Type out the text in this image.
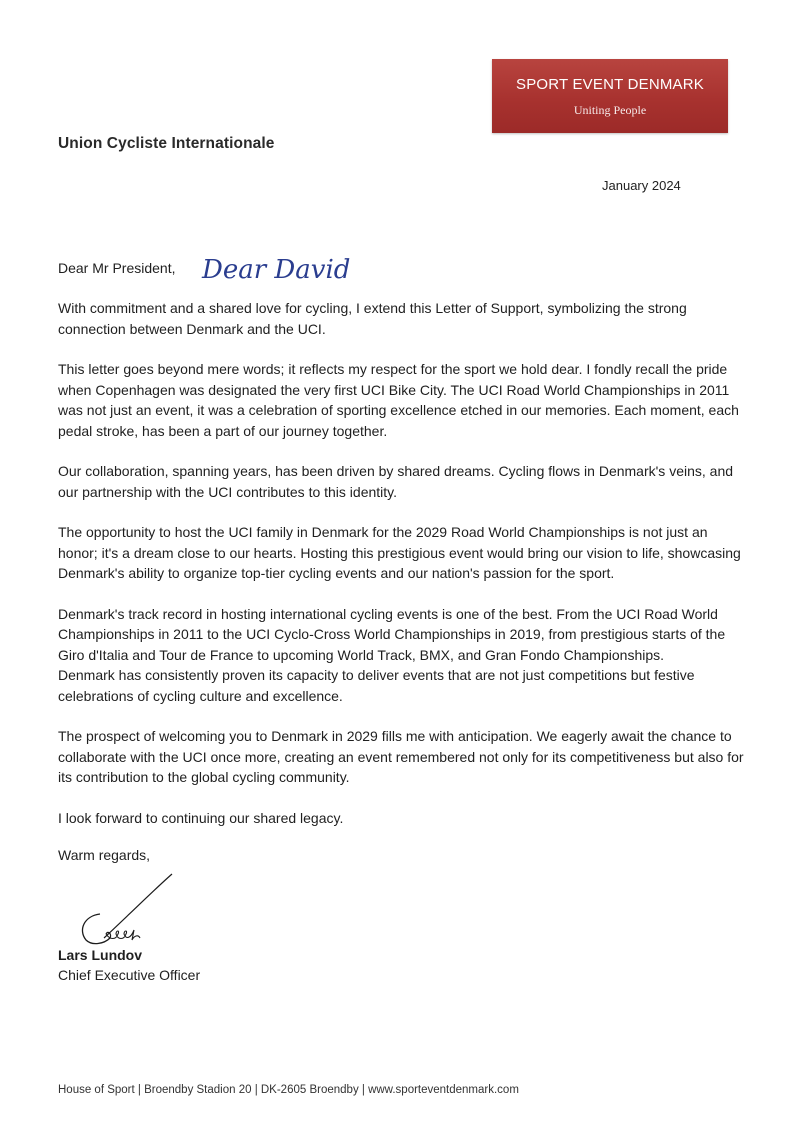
SPORT EVENT DENMARK
Uniting People
Union Cycliste Internationale
January 2024
Dear Mr President, Dear David

With commitment and a shared love for cycling, I extend this Letter of Support, symbolizing the strong connection between Denmark and the UCI.

This letter goes beyond mere words; it reflects my respect for the sport we hold dear. I fondly recall the pride when Copenhagen was designated the very first UCI Bike City. The UCI Road World Championships in 2011 was not just an event, it was a celebration of sporting excellence etched in our memories. Each moment, each pedal stroke, has been a part of our journey together.

Our collaboration, spanning years, has been driven by shared dreams. Cycling flows in Denmark's veins, and our partnership with the UCI contributes to this identity.

The opportunity to host the UCI family in Denmark for the 2029 Road World Championships is not just an honor; it's a dream close to our hearts. Hosting this prestigious event would bring our vision to life, showcasing Denmark's ability to organize top-tier cycling events and our nation's passion for the sport.

Denmark's track record in hosting international cycling events is one of the best. From the UCI Road World Championships in 2011 to the UCI Cyclo-Cross World Championships in 2019, from prestigious starts of the Giro d'Italia and Tour de France to upcoming World Track, BMX, and Gran Fondo Championships.

Denmark has consistently proven its capacity to deliver events that are not just competitions but festive celebrations of cycling culture and excellence.

The prospect of welcoming you to Denmark in 2029 fills me with anticipation. We eagerly await the chance to collaborate with the UCI once more, creating an event remembered not only for its competitiveness but also for its contribution to the global cycling community.

I look forward to continuing our shared legacy.

Warm regards,
Lars Lundov
Chief Executive Officer
House of Sport | Broendby Stadion 20 | DK-2605 Broendby | www.sporteventdenmark.com
